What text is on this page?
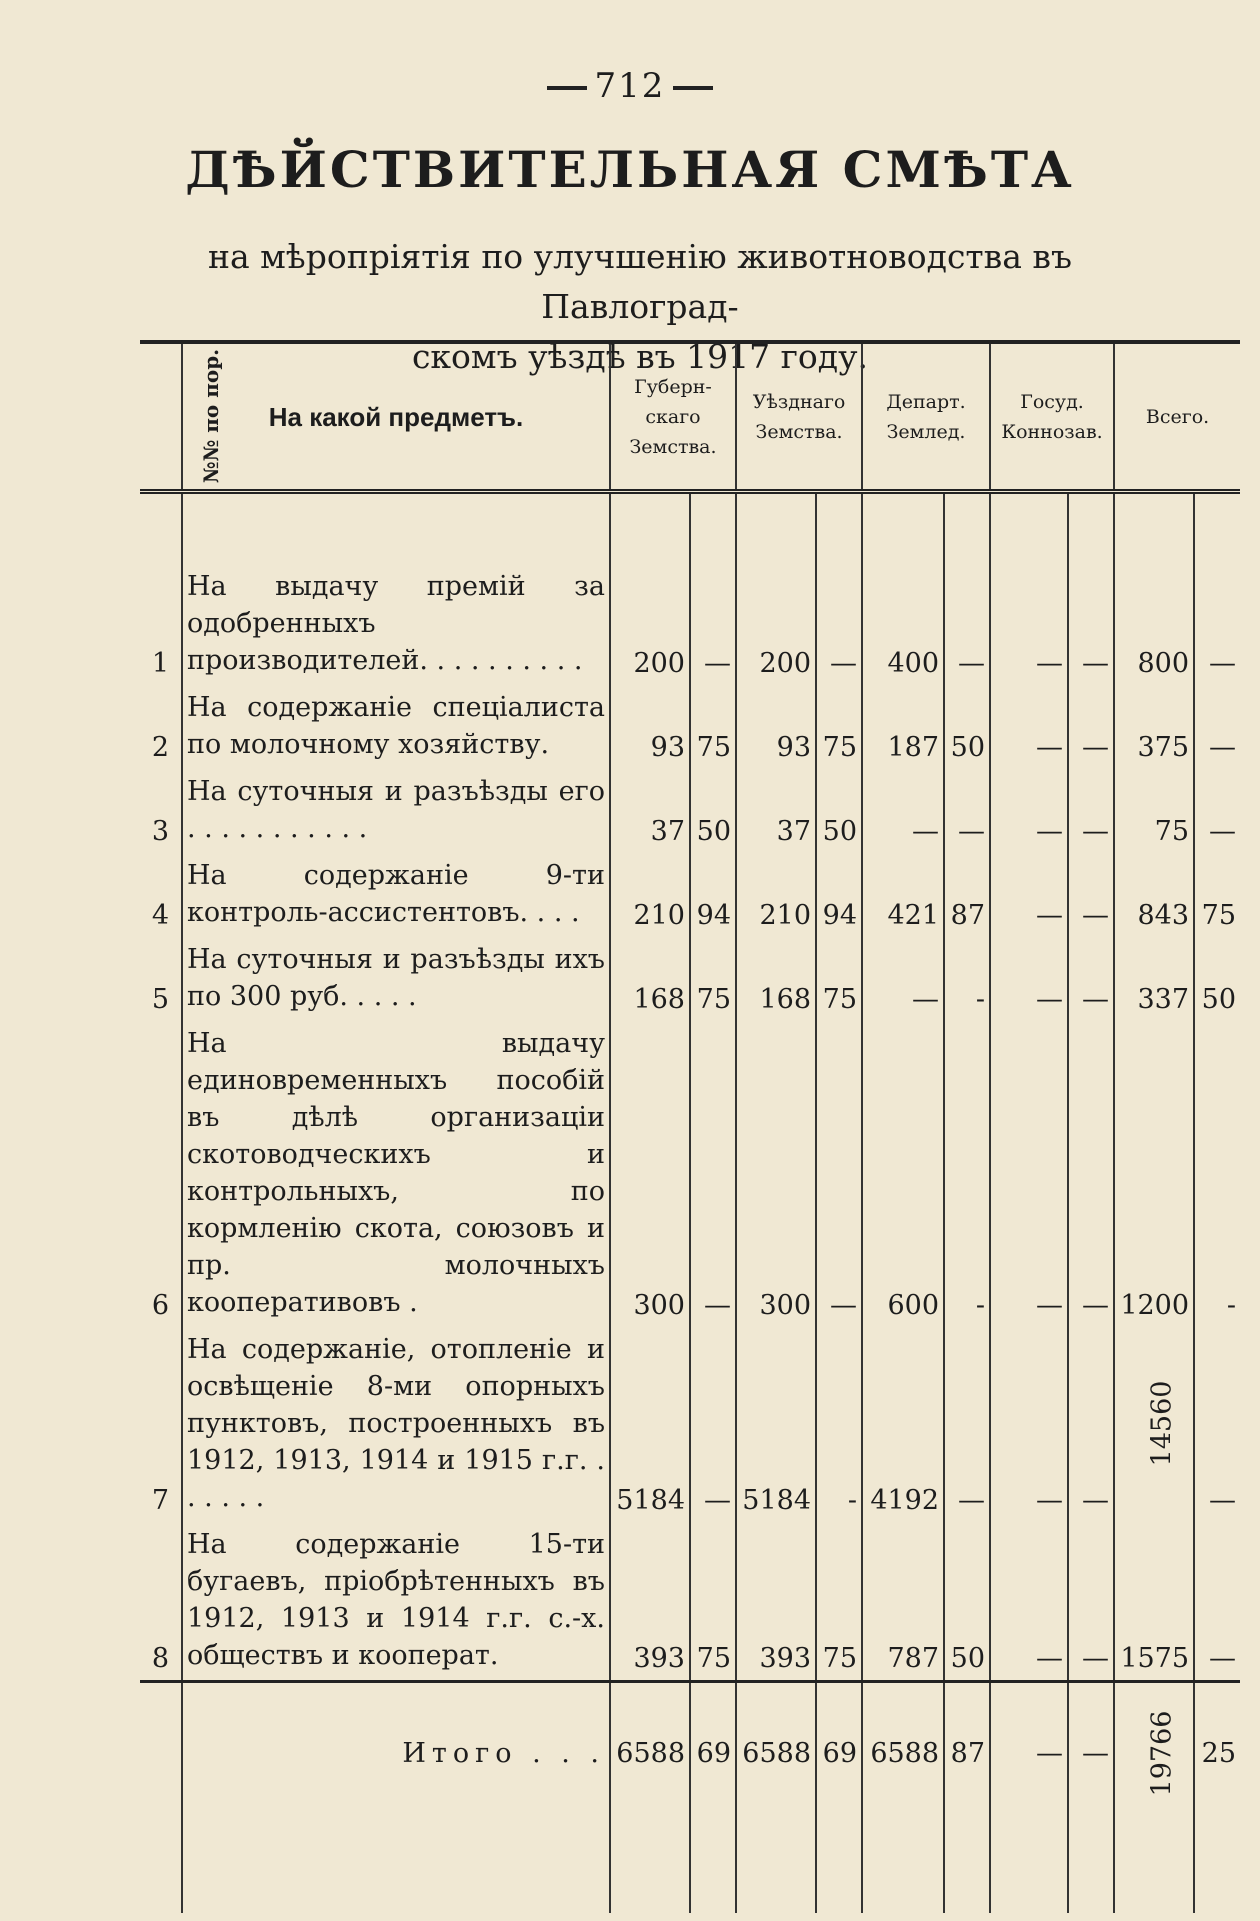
712
ДѢЙСТВИТЕЛЬНАЯ СМѢТА
на мѣропріятія по улучшенію животноводства въ Павлоград-
скомъ уѣздѣ въ 1917 году.
№№ по пор.	На какой предметъ.	Губерн-
скаго
Земства.		Уѣзднаго
Земства.		Департ.
Землед.		Госуд.
Коннозав.		Всего.	

1	На выдачу премій за одобренныхъ производителей. . . . . . . . . .	200	—	200	—	400	—	—	—	800	—
2	На содержаніе спеціалиста по молочному хозяйству.	93	75	93	75	187	50	—	—	375	—
3	На суточныя и разъѣзды его . . . . . . . . . . .	37	50	37	50	—	—	—	—	75	—
4	На содержаніе 9-ти контроль-ассистентовъ. . . .	210	94	210	94	421	87	—	—	843	75
5	На суточныя и разъѣзды ихъ по 300 руб. . . . .	168	75	168	75	—	-	—	—	337	50
6	На выдачу единовременныхъ пособій въ дѣлѣ организаціи скотоводческихъ и контрольныхъ, по кормленію скота, союзовъ и пр. молочныхъ кооперативовъ .	300	—	300	—	600	-	—	—	1200	-
7	На содержаніе, отопленіе и освѣщеніе 8-ми опорныхъ пунктовъ, построенныхъ въ 1912, 1913, 1914 и 1915 г.г. . . . . . .	5184	—	5184	-	4192	—	—	—	14560	—
8	На содержаніе 15-ти бугаевъ, пріобрѣтенныхъ въ 1912, 1913 и 1914 г.г. с.-х. обществъ и кооперат.	393	75	393	75	787	50	—	—	1575	—
	Итого . . .	6588	69	6588	69	6588	87	—	—	19766	25
